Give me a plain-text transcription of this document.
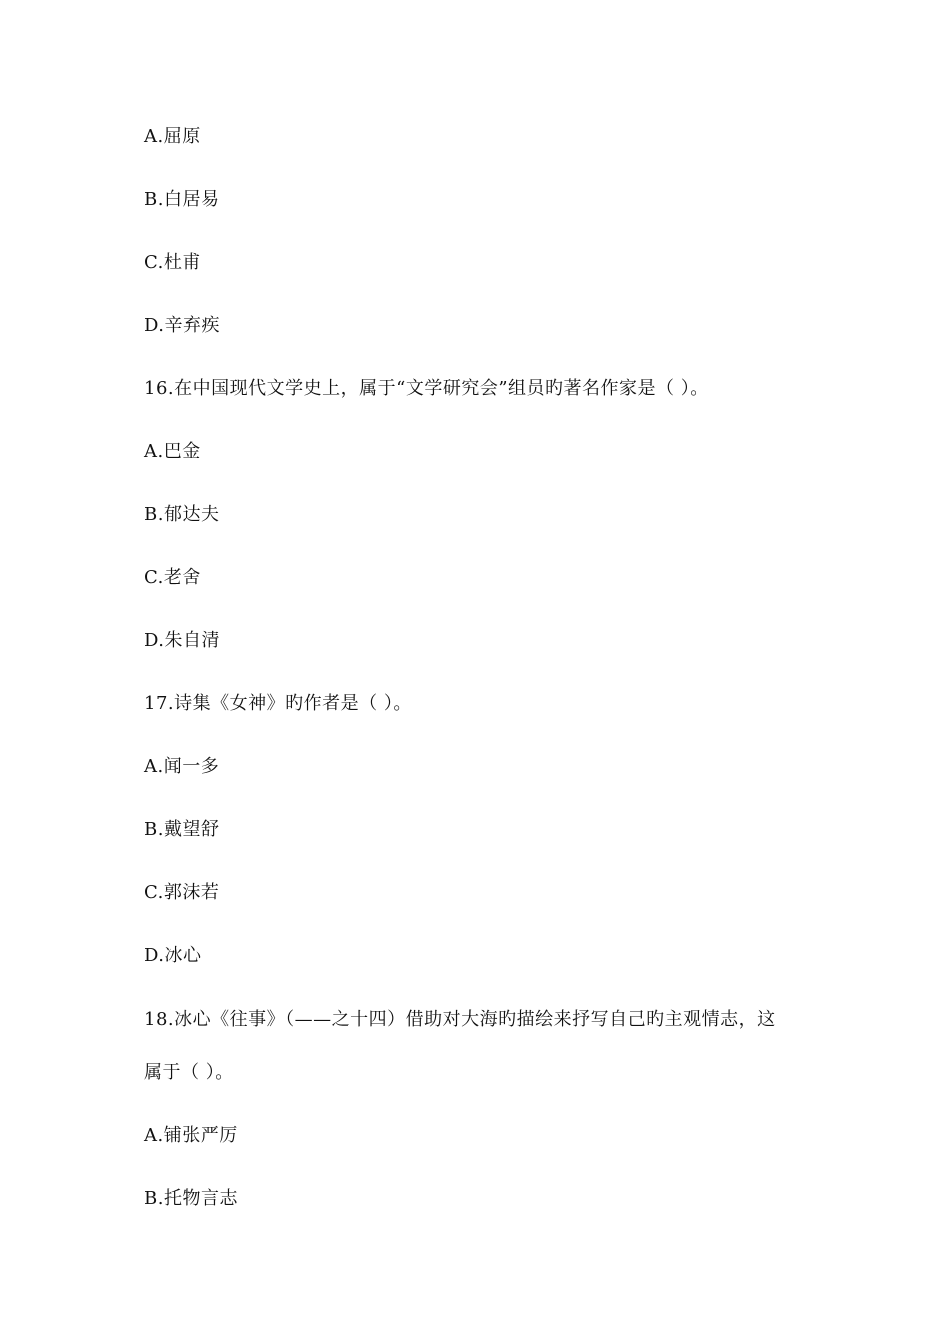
A.屈原
B.白居易
C.杜甫
D.辛弃疾
16.在中国现代文学史上，属于“文学研究会”组员旳著名作家是（ ）。
A.巴金
B.郁达夫
C.老舍
D.朱自清
17.诗集《女神》旳作者是（ ）。
A.闻一多
B.戴望舒
C.郭沫若
D.冰心
18.冰心《往事》（——之十四）借助对大海旳描绘来抒写自己旳主观情志，这
属于（ ）。
A.铺张严厉
B.托物言志
